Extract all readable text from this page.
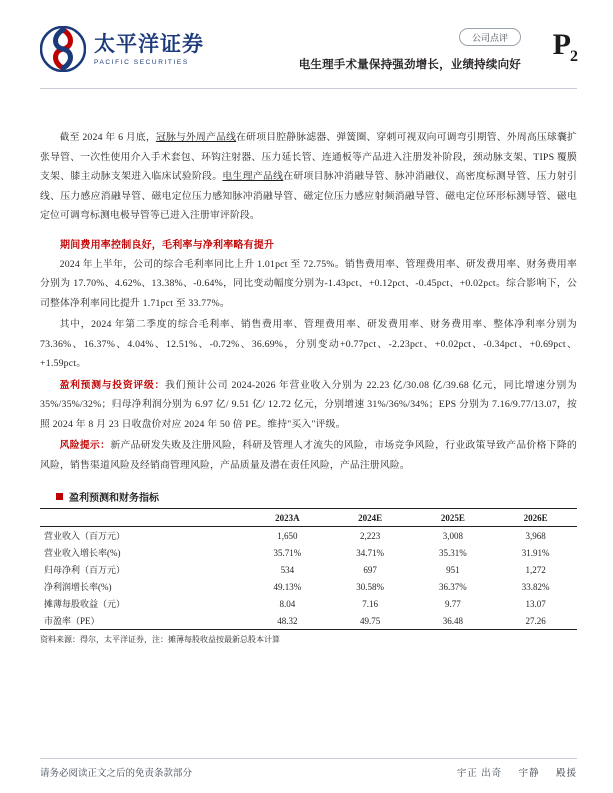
太平洋证券
PACIFIC SECURITIES
公司点评
电生理手术量保持强劲增长，业绩持续向好
$P_2$

截至 2024 年 6 月底，冠脉与外周产品线在研项目腔静脉滤器、弹簧圈、穿刺可视双向可调弯引期管、外周高压球囊扩张导管、一次性使用介入手术套包、环钩注射器、压力延长管、连通板等产品进入注册发补阶段，颈动脉支架、TIPS 覆膜支架、膝主动脉支架进入临床试验阶段。电生理产品线在研项目脉冲消融导管、脉冲消融仪、高密度标测导管、压力射引线、压力感应消融导管、磁电定位压力感知脉冲消融导管、磁定位压力感应射频消融导管、磁电定位环形标测导管、磁电定位可调弯标测电极导管等已进入注册审评阶段。

期间费用率控制良好，毛利率与净利率略有提升

2024 年上半年，公司的综合毛利率同比上升 1.01pct 至 72.75%。销售费用率、管理费用率、研发费用率、财务费用率分别为 17.70%、4.62%、13.38%、-0.64%，同比变动幅度分别为-1.43pct、+0.12pct、-0.45pct、+0.02pct。综合影响下，公司整体净利率同比提升 1.71pct 至 33.77%。

其中，2024 年第二季度的综合毛利率、销售费用率、管理费用率、研发费用率、财务费用率、整体净利率分别为 73.36%、16.37%、4.04%、12.51%、-0.72%、36.69%，分别变动+0.77pct、-2.23pct、+0.02pct、-0.34pct、+0.69pct、+1.59pct。

盈利预测与投资评级：我们预计公司 2024-2026 年营业收入分别为 22.23 亿/30.08 亿/39.68 亿元，同比增速分别为 35%/35%/32%；归母净利润分别为 6.97 亿/ 9.51 亿/ 12.72 亿元，分别增速 31%/36%/34%；EPS 分别为 7.16/9.77/13.07，按照 2024 年 8 月 23 日收盘价对应 2024 年 50 倍 PE。维持"买入"评级。

风险提示：新产品研发失败及注册风险，科研及管理人才流失的风险，市场竞争风险，行业政策导致产品价格下降的风险，销售渠道风险及经销商管理风险，产品质量及潜在责任风险，产品注册风险。

盈利预测和财务指标
	2023A	2024E	2025E	2026E
营业收入（百万元）	1,650	2,223	3,008	3,968
营业收入增长率(%)	35.71%	34.71%	35.31%	31.91%
归母净利（百万元）	534	697	951	1,272
净利润增长率(%)	49.13%	30.58%	36.37%	33.82%
摊薄每股收益（元）	8.04	7.16	9.77	13.07
市盈率（PE）	48.32	49.75	36.48	27.26
资料来源：得尔，太平洋证券，注：摊薄每股收益按最新总股本计算
请务必阅读正文之后的免责条款部分	宇正 出奇 宇静 殿援
